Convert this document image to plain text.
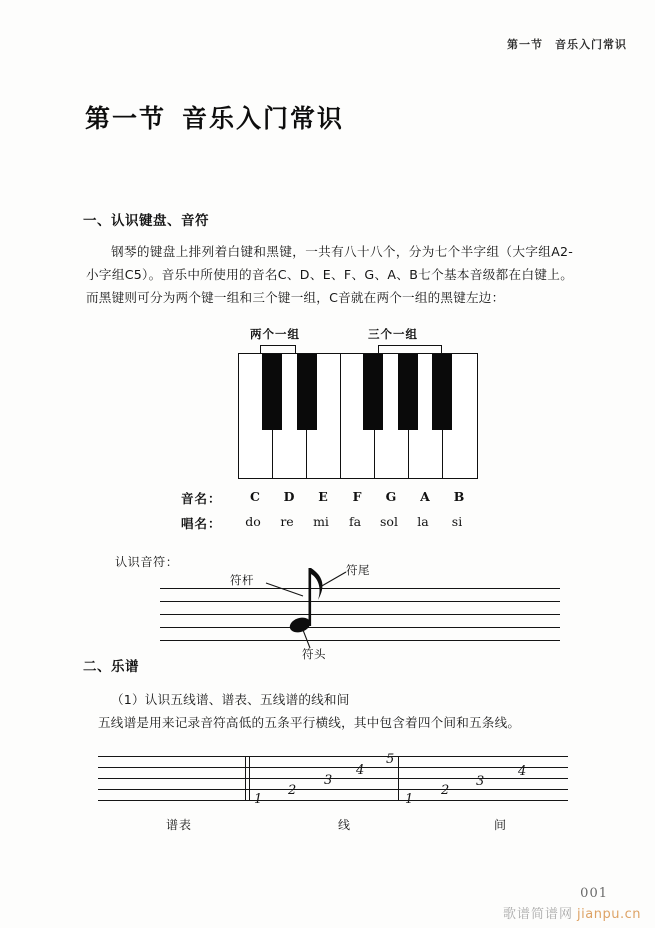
第一节 音乐入门常识
第一节 音乐入门常识
一、认识键盘、音符
钢琴的键盘上排列着白键和黑键，一共有八十八个，分为七个半字组（大字组A2-小字组C5）。音乐中所使用的音名C、D、E、F、G、A、B七个基本音级都在白键上。而黑键则可分为两个键一组和三个键一组，C音就在两个一组的黑键左边：
两个一组	三个一组
音名：	C	D	E	F	G	A	B
唱名：	do	re	mi	fa	sol	la	si
认识音符：
符杆
符尾
符头
二、乐谱
（1）认识五线谱、谱表、五线谱的线和间
五线谱是用来记录音符高低的五条平行横线，其中包含着四个间和五条线。
1
2
3
4
5
1
2
3
4
谱表	线	间
001
歌谱简谱网 jianpu.cn
